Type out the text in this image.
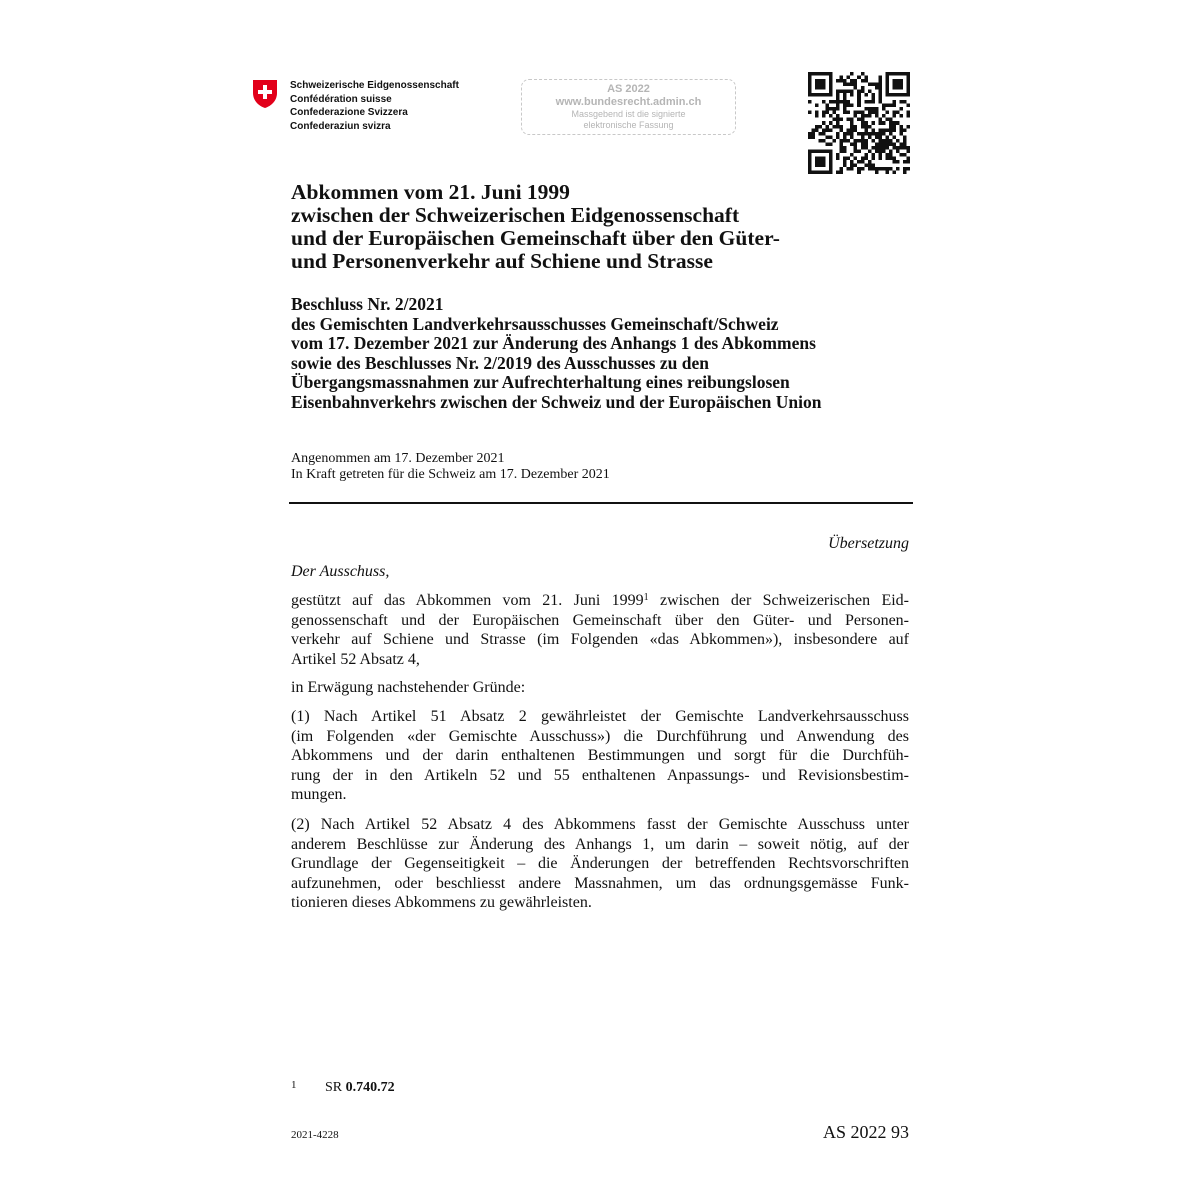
Schweizerische Eidgenossenschaft
Confédération suisse
Confederazione Svizzera
Confederaziun svizra
AS 2022
www.bundesrecht.admin.ch
Massgebend ist die signierte
elektronische Fassung
Abkommen vom 21. Juni 1999
zwischen der Schweizerischen Eidgenossenschaft
und der Europäischen Gemeinschaft über den Güter-
und Personenverkehr auf Schiene und Strasse
Beschluss Nr. 2/2021
des Gemischten Landverkehrsausschusses Gemeinschaft/Schweiz
vom 17. Dezember 2021 zur Änderung des Anhangs 1 des Abkommens
sowie des Beschlusses Nr. 2/2019 des Ausschusses zu den
Übergangsmassnahmen zur Aufrechterhaltung eines reibungslosen
Eisenbahnverkehrs zwischen der Schweiz und der Europäischen Union
Angenommen am 17. Dezember 2021
In Kraft getreten für die Schweiz am 17. Dezember 2021
Übersetzung
Der Ausschuss,
gestützt auf das Abkommen vom 21. Juni 1999$^1$ zwischen der Schweizerischen Eid-
genossenschaft und der Europäischen Gemeinschaft über den Güter- und Personen-
verkehr auf Schiene und Strasse (im Folgenden «das Abkommen»), insbesondere auf
Artikel 52 Absatz 4,
in Erwägung nachstehender Gründe:
(1) Nach Artikel 51 Absatz 2 gewährleistet der Gemischte Landverkehrsausschuss
(im Folgenden «der Gemischte Ausschuss») die Durchführung und Anwendung des
Abkommens und der darin enthaltenen Bestimmungen und sorgt für die Durchfüh-
rung der in den Artikeln 52 und 55 enthaltenen Anpassungs- und Revisionsbestim-
mungen.
(2) Nach Artikel 52 Absatz 4 des Abkommens fasst der Gemischte Ausschuss unter
anderem Beschlüsse zur Änderung des Anhangs 1, um darin – soweit nötig, auf der
Grundlage der Gegenseitigkeit – die Änderungen der betreffenden Rechtsvorschriften
aufzunehmen, oder beschliesst andere Massnahmen, um das ordnungsgemässe Funk-
tionieren dieses Abkommens zu gewährleisten.
1 SR 0.740.72
2021-4228	AS 2022 93
